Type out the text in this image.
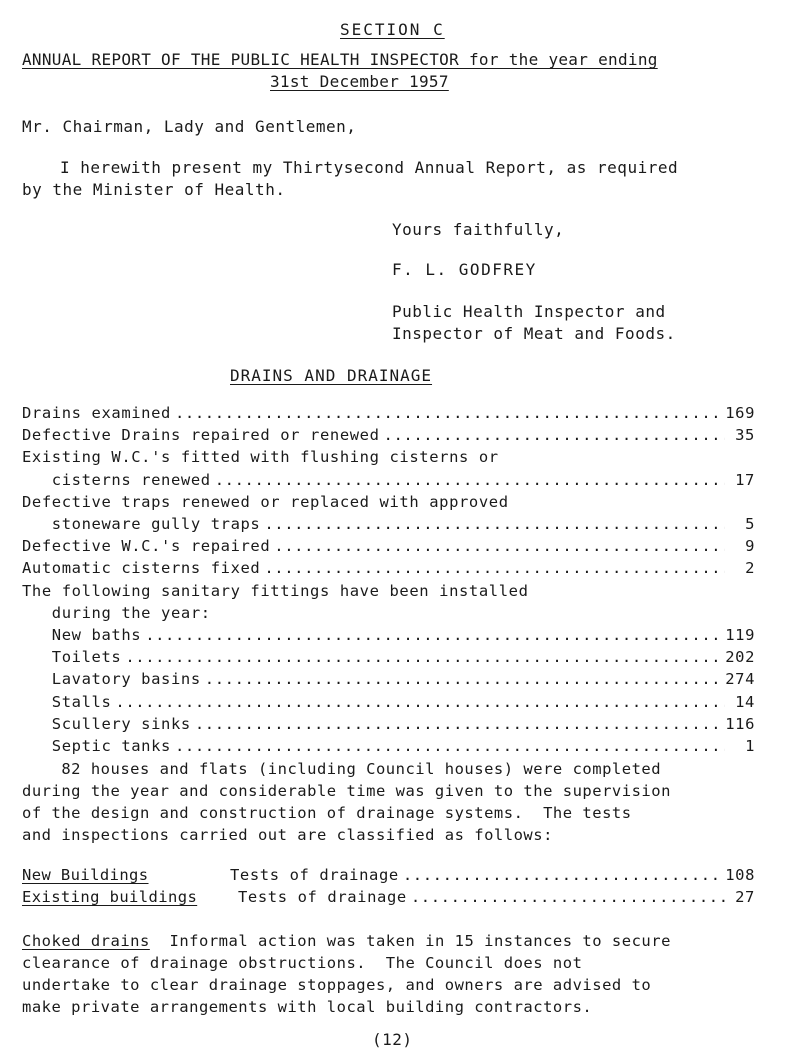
SECTION C
ANNUAL REPORT OF THE PUBLIC HEALTH INSPECTOR for the year ending
31st December 1957
Mr. Chairman, Lady and Gentlemen,
I herewith present my Thirtysecond Annual Report, as required
by the Minister of Health.
Yours faithfully,
F. L. GODFREY
Public Health Inspector and
Inspector of Meat and Foods.
DRAINS AND DRAINAGE
Drains examined .....	169
Defective Drains repaired or renewed .....	35
Existing W.C.'s fitted with flushing cisterns or
cisterns renewed .....	17
Defective traps renewed or replaced with approved
stoneware gully traps .....	5
Defective W.C.'s repaired .....	9
Automatic cisterns fixed .....	2
The following sanitary fittings have been installed
during the year:
New baths .....	119
Toilets .....	202
Lavatory basins .....	274
Stalls .....	14
Scullery sinks .....	116
Septic tanks .....	1
82 houses and flats (including Council houses) were completed
during the year and considerable time was given to the supervision
of the design and construction of drainage systems.  The tests
and inspections carried out are classified as follows:
New Buildings	Tests of drainage .....	108
Existing buildings	Tests of drainage .....	27
Choked drains  Informal action was taken in 15 instances to secure
clearance of drainage obstructions.  The Council does not
undertake to clear drainage stoppages, and owners are advised to
make private arrangements with local building contractors.
(12)
